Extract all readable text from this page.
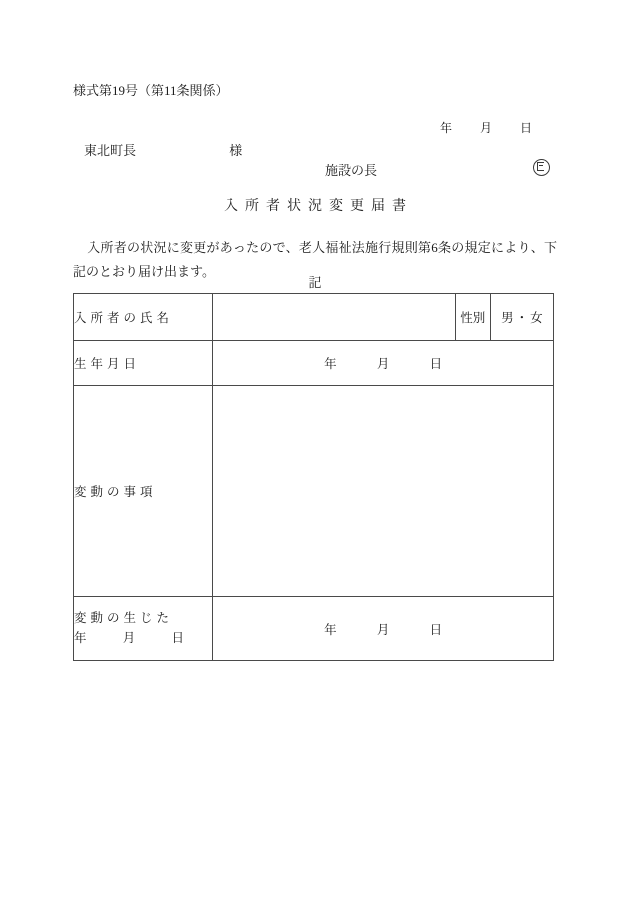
様式第19号（第11条関係）
年 月 日
東北町長	様
施設の長
入所者状況変更届書
入所者の状況に変更があったので、老人福祉法施行規則第6条の規定により、下記のとおり届け出ます。
記
入所者の氏名		性別	男・女
生年月日	年 月 日		
変動の事項			

変動の生じた
年 月 日	年 月 日		
